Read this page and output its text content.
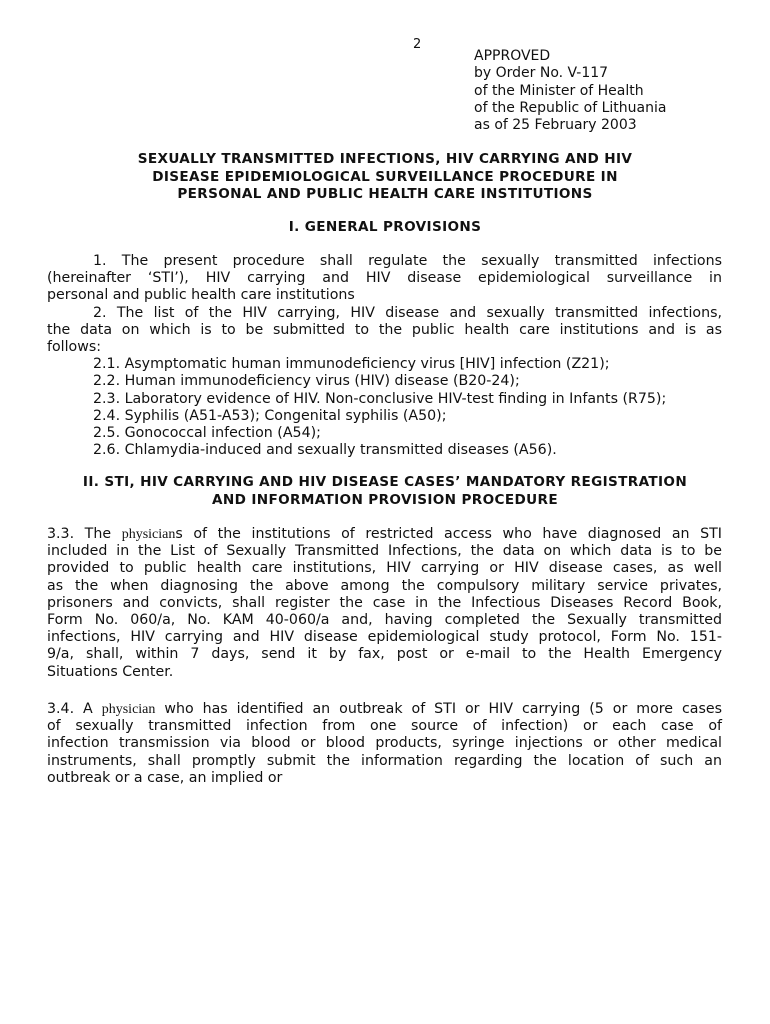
2
APPROVED
by Order No. V-117
of the Minister of Health
of the Republic of Lithuania
as of 25 February 2003
SEXUALLY TRANSMITTED INFECTIONS, HIV CARRYING AND HIV
DISEASE EPIDEMIOLOGICAL SURVEILLANCE PROCEDURE IN
PERSONAL AND PUBLIC HEALTH CARE INSTITUTIONS
I. GENERAL PROVISIONS
1. The present procedure shall regulate the sexually transmitted infections
(hereinafter ‘STI’), HIV carrying and HIV disease epidemiological surveillance in
personal and public health care institutions
2. The list of the HIV carrying, HIV disease and sexually transmitted infections,
the data on which is to be submitted to the public health care institutions and is as
follows:
2.1. Asymptomatic human immunodeficiency virus [HIV] infection (Z21);
2.2. Human immunodeficiency virus (HIV) disease (B20-24);
2.3. Laboratory evidence of HIV. Non-conclusive HIV-test finding in Infants (R75);
2.4. Syphilis (A51-A53); Congenital syphilis (A50);
2.5. Gonococcal infection (A54);
2.6. Chlamydia-induced and sexually transmitted diseases (A56).
II. STI, HIV CARRYING AND HIV DISEASE CASES’ MANDATORY REGISTRATION
AND INFORMATION PROVISION PROCEDURE
3.3. The physicians of the institutions of restricted access who have diagnosed an STI
included in the List of Sexually Transmitted Infections, the data on which data is to be
provided to public health care institutions, HIV carrying or HIV disease cases, as well
as the when diagnosing the above among the compulsory military service privates,
prisoners and convicts, shall register the case in the Infectious Diseases Record Book,
Form No. 060/a, No. KAM 40-060/a and, having completed the Sexually transmitted
infections, HIV carrying and HIV disease epidemiological study protocol, Form No. 151-
9/a, shall, within 7 days, send it by fax, post or e-mail to the Health Emergency
Situations Center.
3.4. A physician who has identified an outbreak of STI or HIV carrying (5 or more cases
of sexually transmitted infection from one source of infection) or each case of
infection transmission via blood or blood products, syringe injections or other medical
instruments, shall promptly submit the information regarding the location of such an
outbreak or a case, an implied or
